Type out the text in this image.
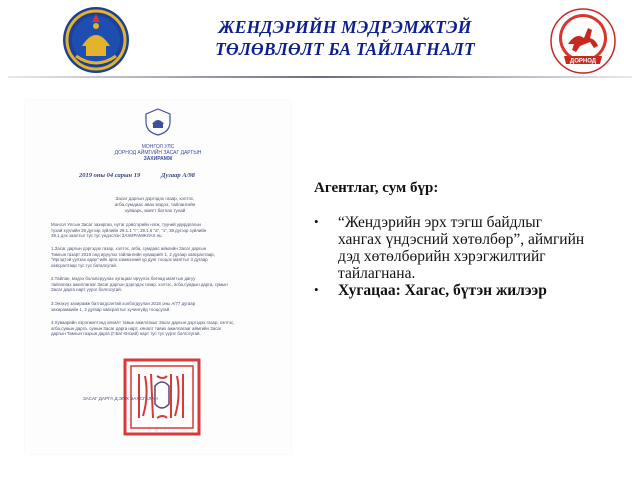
ЖЕНДЭРИЙН МЭДРЭМЖТЭЙ
ТӨЛӨВЛӨЛТ БА ТАЙЛАГНАЛТ
ДОРНОД
МОНГОЛ УЛС
ДОРНОД АЙМГИЙН ЗАСАГ ДАРГЫН
ЗАХИРАМЖ
2019 оны 04 сарын 19	Дугаар А/98
Засаг даргын дэргэдэх газар, хэлтэс,
агба,сумдаас авах мэдээ, тайлангийн
хуваарь, маягт батлах тухай
Монгол Улсын Засаг захиргаа, нутаг дэвсгэрийн нэгж, түүний удирдлагын
тухай хуулийн 29 дүгээр зүйлийн 29.1.1 "г", 29.1.6 "а", "з", 39 дүгээр зүйлийн
39.1 дэх заалтыг тус тус үндэслэн ЗАХИРАМЖЛАХ нь:
1.Засаг даргын дэргэдэх газар, хэлтэс, агба, сумдаас аймгийн Засаг даргын
Тамгын газарт 2019 онд ирүүлэх тайлангийн хуваарийг 1, 2 дугаар хавсралтаар,
"Иргэдтэй уулзах өдөр"-ийн арга хэмжээний үр дүнг тооцох маягтыг 3 дугаар
хавсралтаар тус тус баталсугай.
2.Тайлан, мэдээ боловсруулах хугацааг ирүүлэх бөгөөд маягтын дагуу
тайлагнах ажиллагааг Засаг даргын дэргэдэх газар, хэлтэс, агба,сумдын дарга, сумын
Засаг дарга нарт үүрэг болгосугай.
3.Энэхүү захирамж батлагдсантай холбогдуулан 2018 оны А/77 дугаар
захирамжийн 1, 2 дугаар хавсралтыг хүчингүйд тооцсугай.
4.Хуваарийн хэрэгжилтэнд хяналт тавьж ажиллахыг Засаг даргын дэргэдэх газар, хэлтэс,
агба,сумын дарга, сумын Засаг дарга нарт, хяналт тавих ажиллагааг аймгийн Засаг
даргын Тамгын газрын дарга (Г.Бат-Өлзий) нарт тус тус үүрэг болгосугай.
ЗАСАГ ДАРГА Д.ЭМХ БАЯСГАЛАН
Агентлаг, сум бүр:
• “Жендэрийн эрх тэгш байдлыг
хангах үндэсний хөтөлбөр”, аймгийн
дэд хөтөлбөрийн хэрэгжилтийг
тайлагнана.
• Хугацаа: Хагас, бүтэн жилээр
